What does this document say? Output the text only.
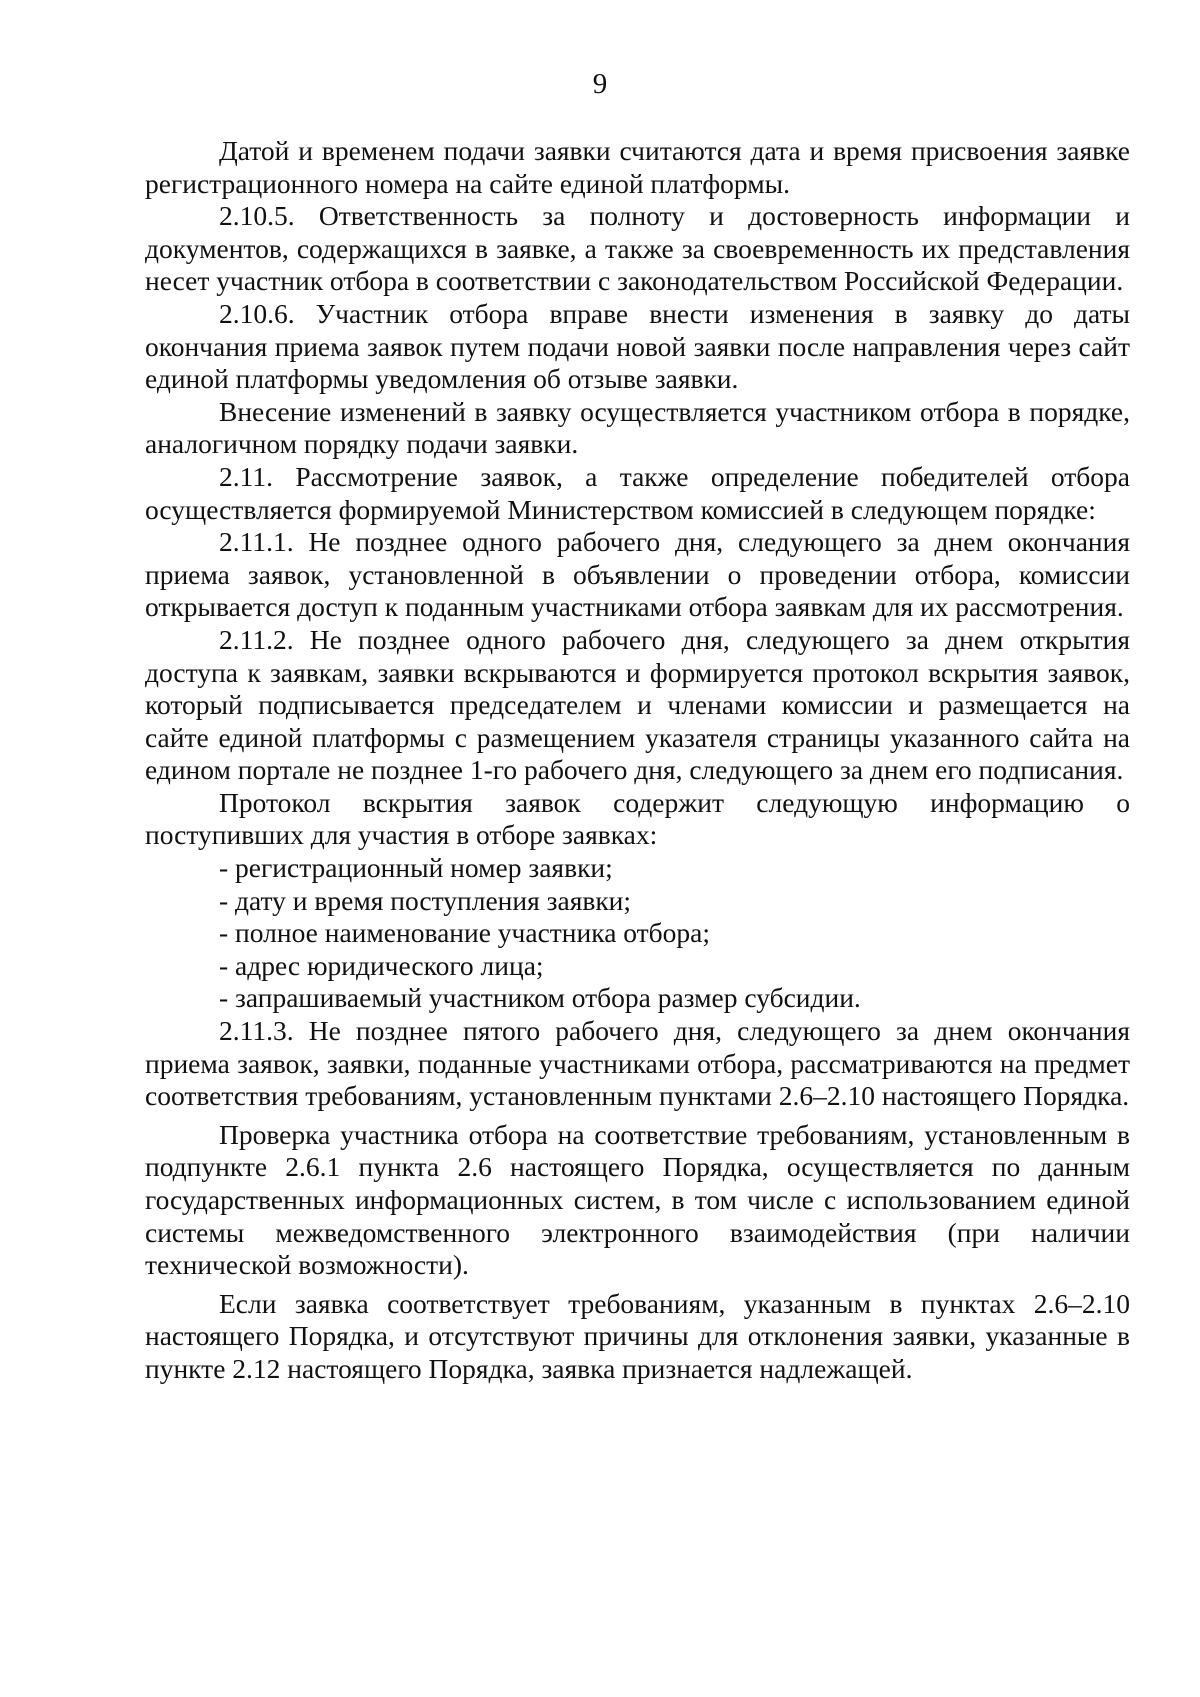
9

Датой и временем подачи заявки считаются дата и время присвоения заявке регистрационного номера на сайте единой платформы.

2.10.5. Ответственность за полноту и достоверность информации и документов, содержащихся в заявке, а также за своевременность их представления несет участник отбора в соответствии с законодательством Российской Федерации.

2.10.6. Участник отбора вправе внести изменения в заявку до даты окончания приема заявок путем подачи новой заявки после направления через сайт единой платформы уведомления об отзыве заявки.

Внесение изменений в заявку осуществляется участником отбора в порядке, аналогичном порядку подачи заявки.

2.11. Рассмотрение заявок, а также определение победителей отбора осуществляется формируемой Министерством комиссией в следующем порядке:

2.11.1. Не позднее одного рабочего дня, следующего за днем окончания приема заявок, установленной в объявлении о проведении отбора, комиссии открывается доступ к поданным участниками отбора заявкам для их рассмотрения.

2.11.2. Не позднее одного рабочего дня, следующего за днем открытия доступа к заявкам, заявки вскрываются и формируется протокол вскрытия заявок, который подписывается председателем и членами комиссии и размещается на сайте единой платформы с размещением указателя страницы указанного сайта на едином портале не позднее 1-го рабочего дня, следующего за днем его подписания.

Протокол вскрытия заявок содержит следующую информацию о поступивших для участия в отборе заявках:

- регистрационный номер заявки;

- дату и время поступления заявки;

- полное наименование участника отбора;

- адрес юридического лица;

- запрашиваемый участником отбора размер субсидии.

2.11.3. Не позднее пятого рабочего дня, следующего за днем окончания приема заявок, заявки, поданные участниками отбора, рассматриваются на предмет соответствия требованиям, установленным пунктами 2.6–2.10 настоящего Порядка.

Проверка участника отбора на соответствие требованиям, установленным в подпункте 2.6.1 пункта 2.6 настоящего Порядка, осуществляется по данным государственных информационных систем, в том числе с использованием единой системы межведомственного электронного взаимодействия (при наличии технической возможности).

Если заявка соответствует требованиям, указанным в пунктах 2.6–2.10 настоящего Порядка, и отсутствуют причины для отклонения заявки, указанные в пункте 2.12 настоящего Порядка, заявка признается надлежащей.
